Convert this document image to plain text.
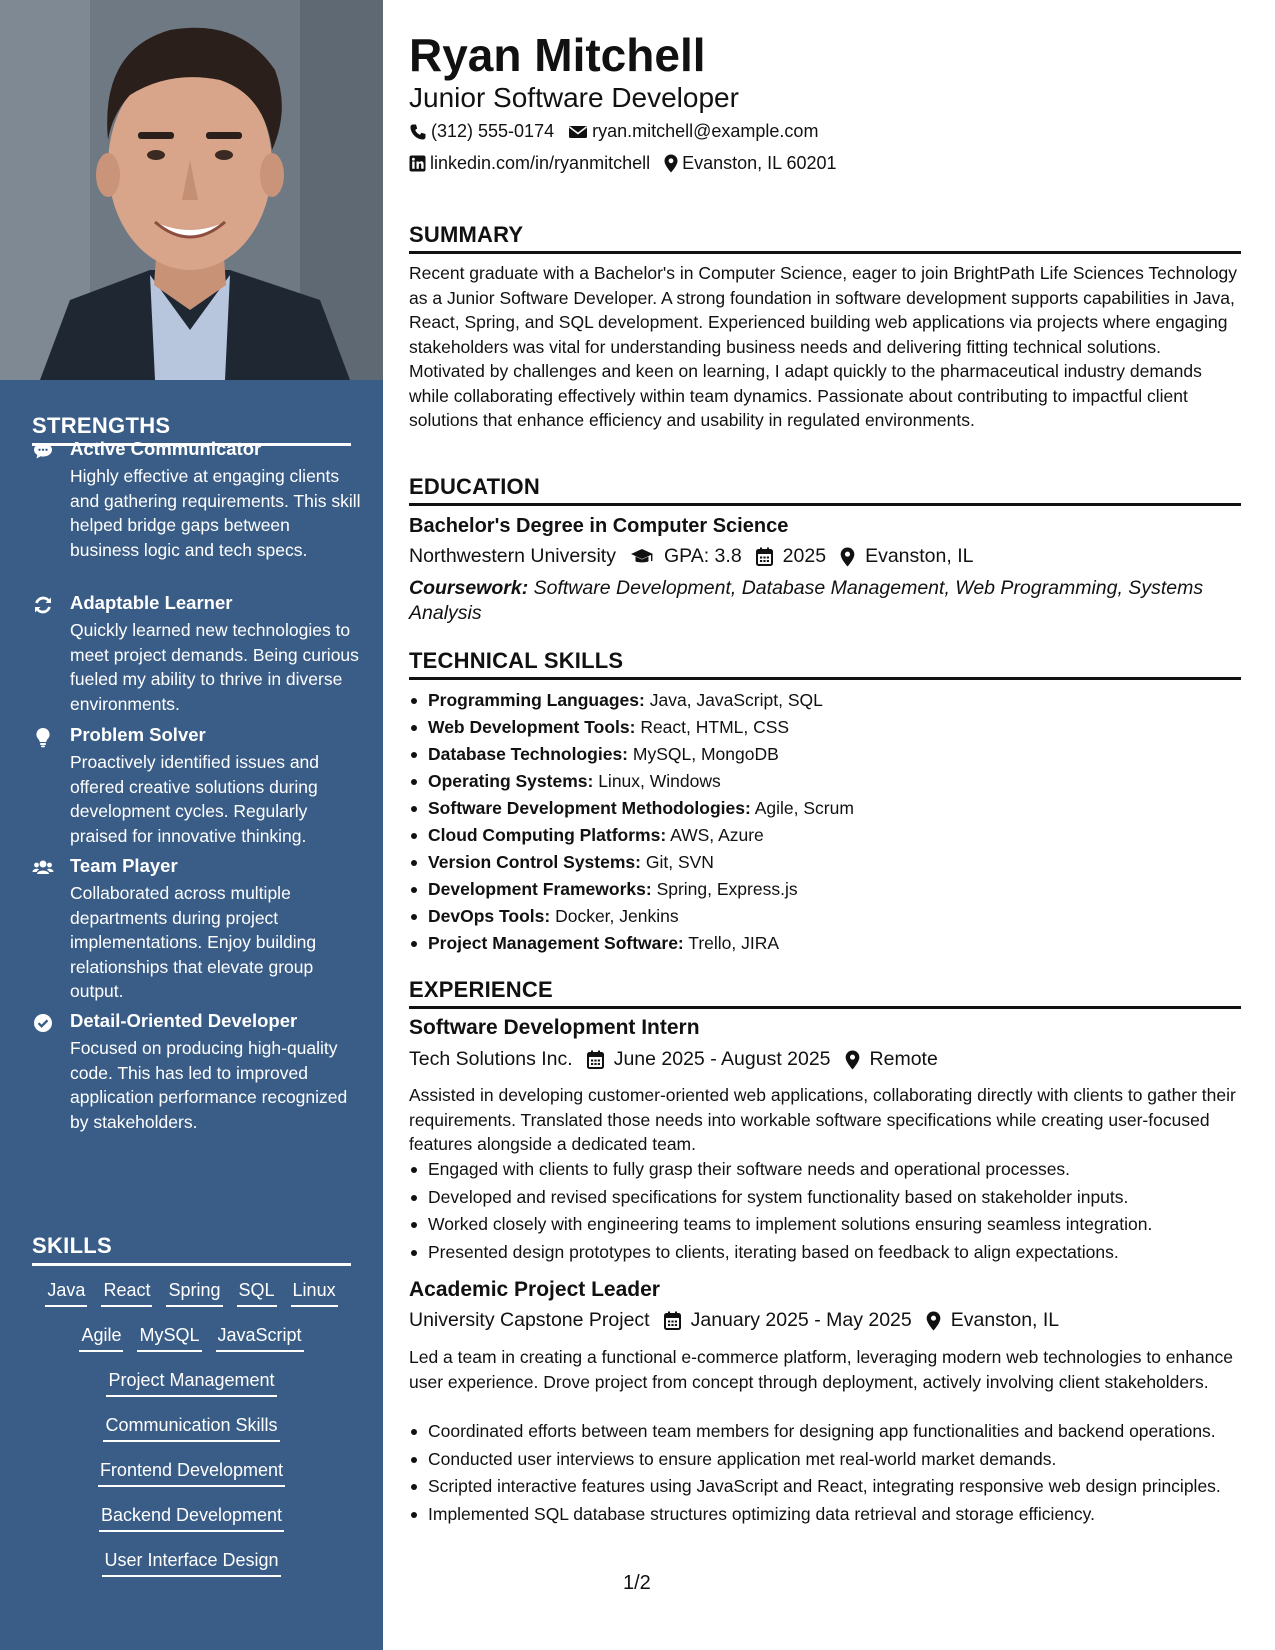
STRENGTHS
Active Communicator
Highly effective at engaging clients and gathering requirements. This skill helped bridge gaps between business logic and tech specs.
Adaptable Learner
Quickly learned new technologies to meet project demands. Being curious fueled my ability to thrive in diverse environments.
Problem Solver
Proactively identified issues and offered creative solutions during development cycles. Regularly praised for innovative thinking.
Team Player
Collaborated across multiple departments during project implementations. Enjoy building relationships that elevate group output.
Detail-Oriented Developer
Focused on producing high-quality code. This has led to improved application performance recognized by stakeholders.
SKILLS
Java React Spring SQL Linux
Agile MySQL JavaScript
Project Management
Communication Skills
Frontend Development
Backend Development
User Interface Design
Ryan Mitchell
Junior Software Developer
(312) 555-0174 ryan.mitchell@example.com
linkedin.com/in/ryanmitchell Evanston, IL 60201
SUMMARY
Recent graduate with a Bachelor's in Computer Science, eager to join BrightPath Life Sciences Technology as a Junior Software Developer. A strong foundation in software development supports capabilities in Java, React, Spring, and SQL development. Experienced building web applications via projects where engaging stakeholders was vital for understanding business needs and delivering fitting technical solutions. Motivated by challenges and keen on learning, I adapt quickly to the pharmaceutical industry demands while collaborating effectively within team dynamics. Passionate about contributing to impactful client solutions that enhance efficiency and usability in regulated environments.
EDUCATION
Bachelor's Degree in Computer Science
Northwestern University GPA: 3.8 2025 Evanston, IL
Coursework: Software Development, Database Management, Web Programming, Systems Analysis
TECHNICAL SKILLS
Programming Languages: Java, JavaScript, SQL
Web Development Tools: React, HTML, CSS
Database Technologies: MySQL, MongoDB
Operating Systems: Linux, Windows
Software Development Methodologies: Agile, Scrum
Cloud Computing Platforms: AWS, Azure
Version Control Systems: Git, SVN
Development Frameworks: Spring, Express.js
DevOps Tools: Docker, Jenkins
Project Management Software: Trello, JIRA
EXPERIENCE
Software Development Intern
Tech Solutions Inc. June 2025 - August 2025 Remote
Assisted in developing customer-oriented web applications, collaborating directly with clients to gather their requirements. Translated those needs into workable software specifications while creating user-focused features alongside a dedicated team.
Engaged with clients to fully grasp their software needs and operational processes.
Developed and revised specifications for system functionality based on stakeholder inputs.
Worked closely with engineering teams to implement solutions ensuring seamless integration.
Presented design prototypes to clients, iterating based on feedback to align expectations.
Academic Project Leader
University Capstone Project January 2025 - May 2025 Evanston, IL
Led a team in creating a functional e-commerce platform, leveraging modern web technologies to enhance user experience. Drove project from concept through deployment, actively involving client stakeholders.
Coordinated efforts between team members for designing app functionalities and backend operations.
Conducted user interviews to ensure application met real-world market demands.
Scripted interactive features using JavaScript and React, integrating responsive web design principles.
Implemented SQL database structures optimizing data retrieval and storage efficiency.
1/2
